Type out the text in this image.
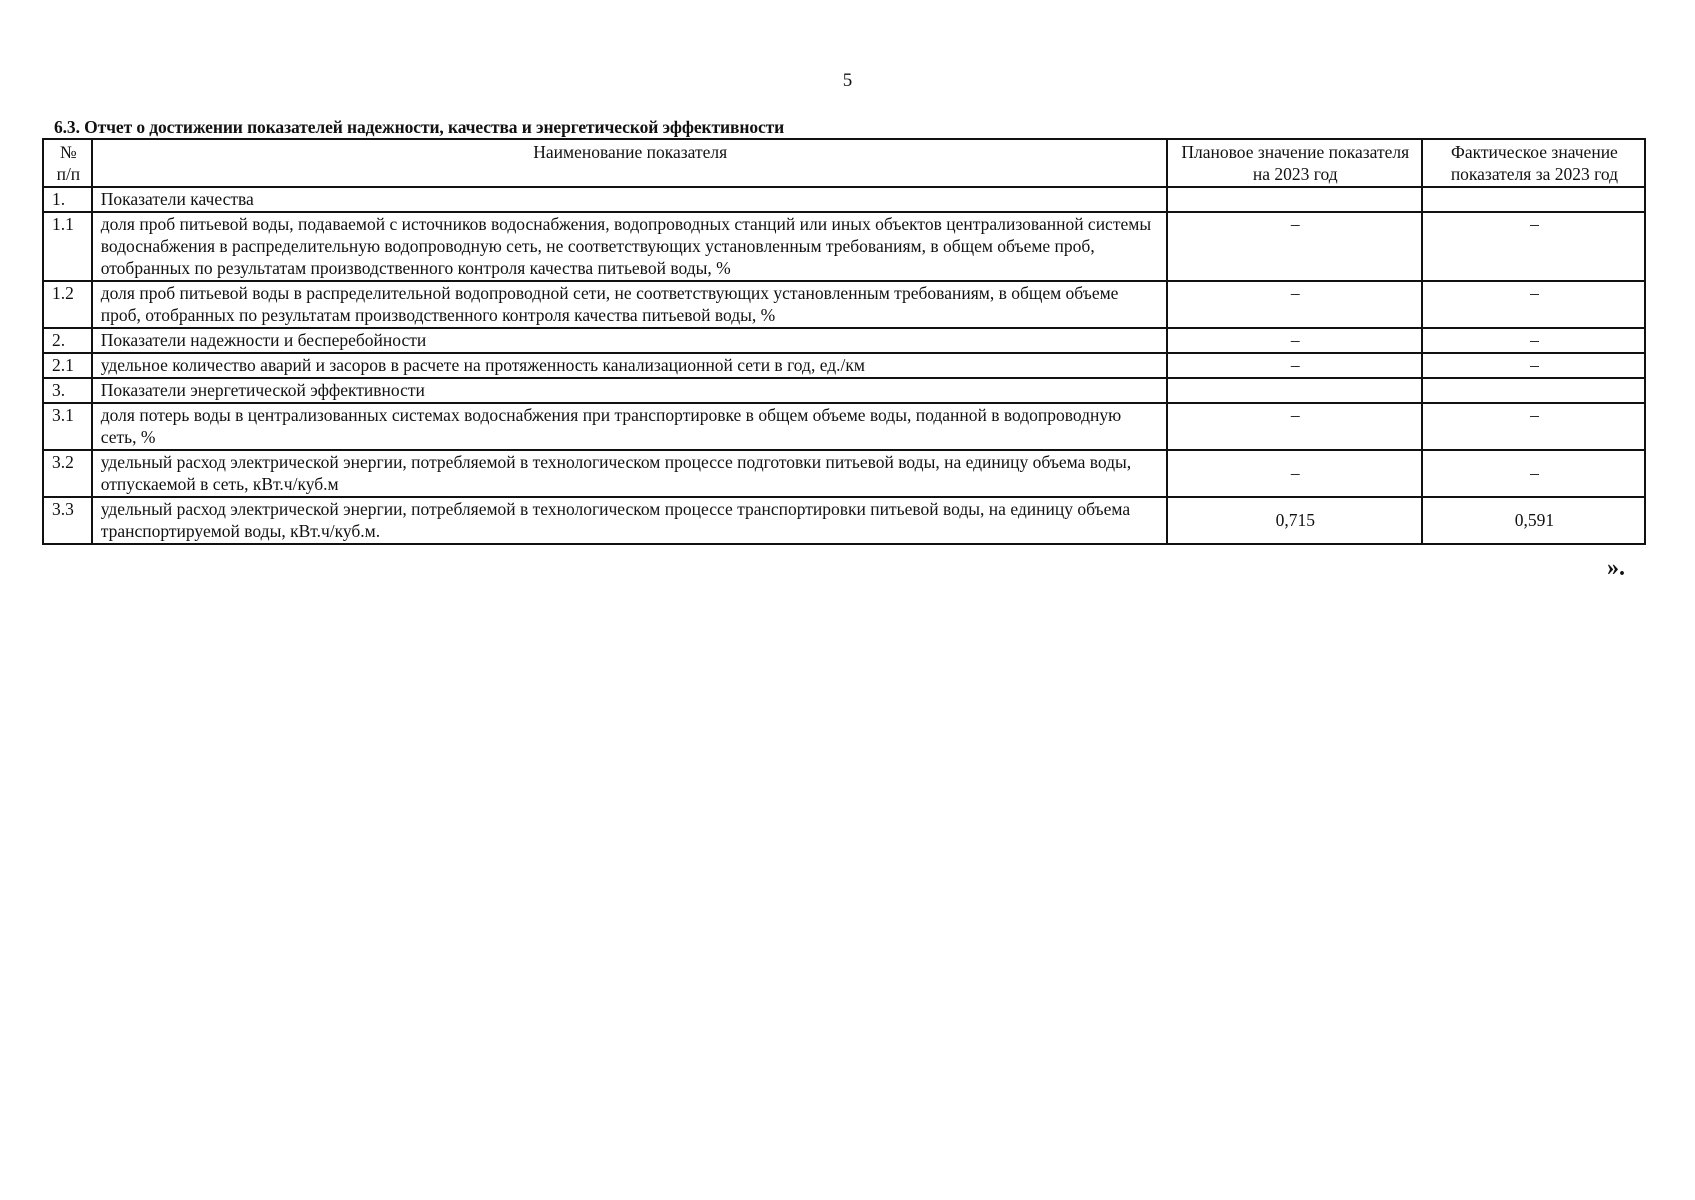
5
6.3. Отчет о достижении показателей надежности, качества и энергетической эффективности
№ п/п	Наименование показателя	Плановое значение показателя на 2023 год	Фактическое значение показателя за 2023 год
1.	Показатели качества		
1.1	доля проб питьевой воды, подаваемой с источников водоснабжения, водопроводных станций или иных объектов централизованной системы водоснабжения в распределительную водопроводную сеть, не соответствующих установленным требованиям, в общем объеме проб, отобранных по результатам производственного контроля качества питьевой воды, %	–	–
1.2	доля проб питьевой воды в распределительной водопроводной сети, не соответствующих установленным требованиям, в общем объеме проб, отобранных по результатам производственного контроля качества питьевой воды, %	–	–
2.	Показатели надежности и бесперебойности	–	–
2.1	удельное количество аварий и засоров в расчете на протяженность канализационной сети в год, ед./км	–	–
3.	Показатели энергетической эффективности		
3.1	доля потерь воды в централизованных системах водоснабжения при транспортировке в общем объеме воды, поданной в водопроводную сеть, %	–	–
3.2	удельный расход электрической энергии, потребляемой в технологическом процессе подготовки питьевой воды, на единицу объема воды, отпускаемой в сеть, кВт.ч/куб.м	–	–
3.3	удельный расход электрической энергии, потребляемой в технологическом процессе транспортировки питьевой воды, на единицу объема транспортируемой воды, кВт.ч/куб.м.	0,715	0,591
».
